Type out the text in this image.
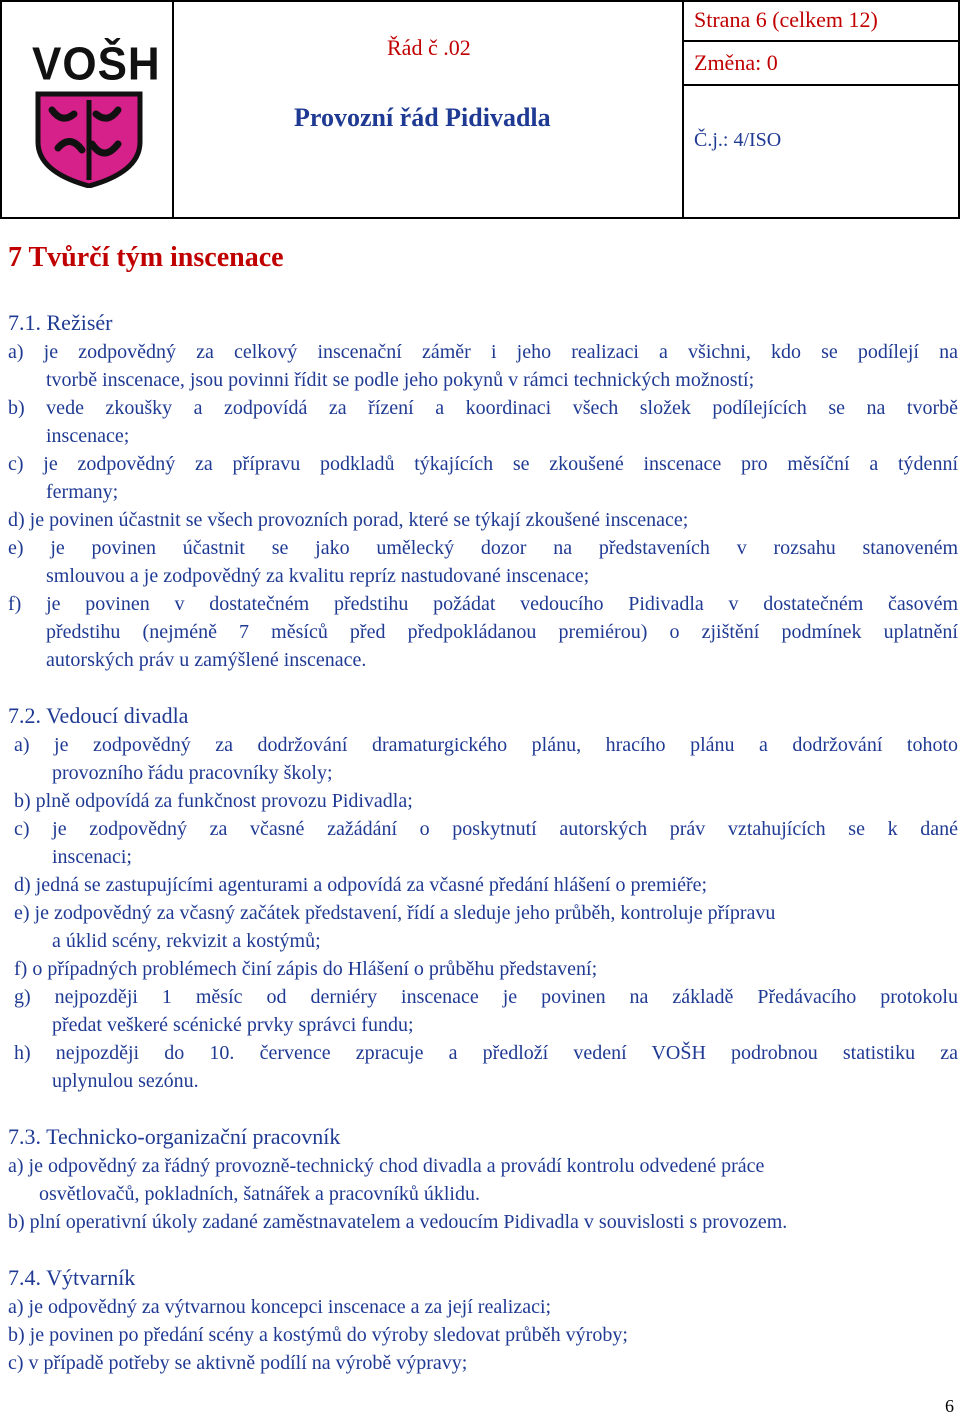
VOŠH	Řád č .02
Provozní řád Pidivadla
Strana 6 (celkem 12)
Změna: 0
Č.j.: 4/ISO
7 Tvůrčí tým inscenace
7.1. Režisér
a) je zodpovědný za celkový inscenační záměr i jeho realizaci a všichni, kdo se podílejí na
tvorbě inscenace, jsou povinni řídit se podle jeho pokynů v rámci technických možností;
b) vede zkoušky a zodpovídá za řízení a koordinaci všech složek podílejících se na tvorbě
inscenace;
c) je zodpovědný za přípravu podkladů týkajících se zkoušené inscenace pro měsíční a týdenní
fermany;
d) je povinen účastnit se všech provozních porad, které se týkají zkoušené inscenace;
e) je povinen účastnit se jako umělecký dozor na představeních v rozsahu stanoveném
smlouvou a je zodpovědný za kvalitu repríz nastudované inscenace;
f) je povinen v dostatečném předstihu požádat vedoucího Pidivadla v dostatečném časovém
předstihu (nejméně 7 měsíců před předpokládanou premiérou) o zjištění podmínek uplatnění
autorských práv u zamýšlené inscenace.
7.2. Vedoucí divadla
a) je zodpovědný za dodržování dramaturgického plánu, hracího plánu a dodržování tohoto
provozního řádu pracovníky školy;
b) plně odpovídá za funkčnost provozu Pidivadla;
c) je zodpovědný za včasné zažádání o poskytnutí autorských práv vztahujících se k dané
inscenaci;
d) jedná se zastupujícími agenturami a odpovídá za včasné předání hlášení o premiéře;
e) je zodpovědný za včasný začátek představení, řídí a sleduje jeho průběh, kontroluje přípravu
a úklid scény, rekvizit a kostýmů;
f) o případných problémech činí zápis do Hlášení o průběhu představení;
g) nejpozději 1 měsíc od derniéry inscenace je povinen na základě Předávacího protokolu
předat veškeré scénické prvky správci fundu;
h) nejpozději do 10. července zpracuje a předloží vedení VOŠH podrobnou statistiku za
uplynulou sezónu.
7.3. Technicko-organizační pracovník
a) je odpovědný za řádný provozně-technický chod divadla a provádí kontrolu odvedené práce
osvětlovačů, pokladních, šatnářek a pracovníků úklidu.
b) plní operativní úkoly zadané zaměstnavatelem a vedoucím Pidivadla v souvislosti s provozem.
7.4. Výtvarník
a) je odpovědný za výtvarnou koncepci inscenace a za její realizaci;
b) je povinen po předání scény a kostýmů do výroby sledovat průběh výroby;
c) v případě potřeby se aktivně podílí na výrobě výpravy;
6
